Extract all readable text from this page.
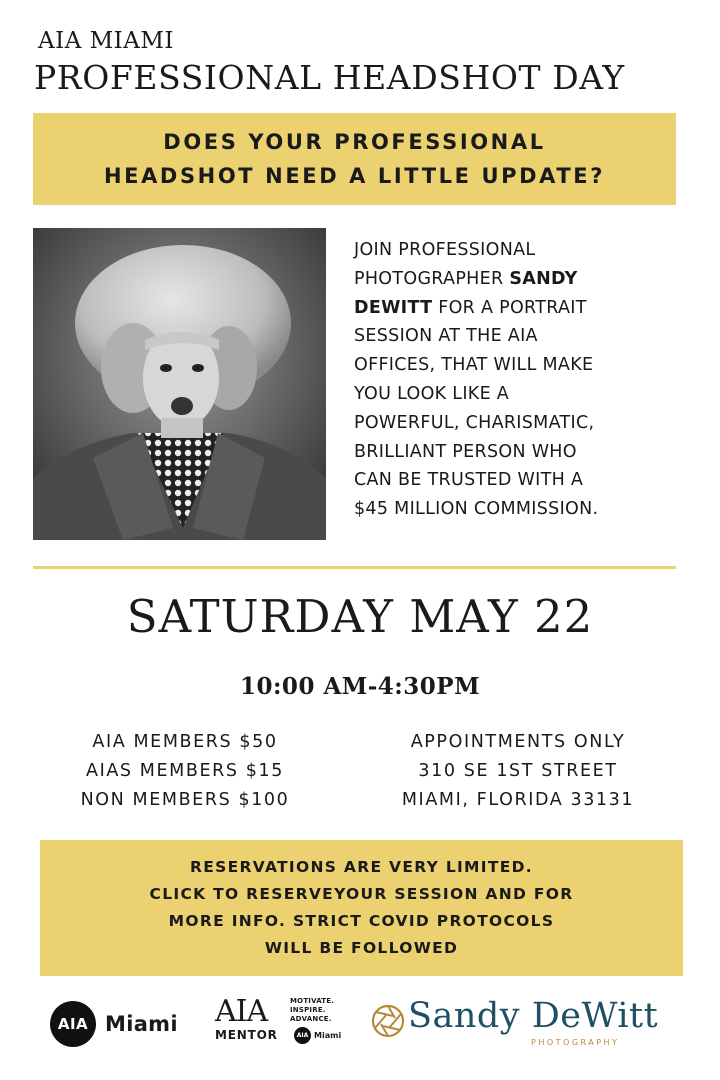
AIA MIAMI
PROFESSIONAL HEADSHOT DAY
DOES YOUR PROFESSIONAL
HEADSHOT NEED A LITTLE UPDATE?
JOIN PROFESSIONAL
PHOTOGRAPHER SANDY
DEWITT FOR A PORTRAIT
SESSION AT THE AIA
OFFICES, THAT WILL MAKE
YOU LOOK LIKE A
POWERFUL, CHARISMATIC,
BRILLIANT PERSON WHO
CAN BE TRUSTED WITH A
$45 MILLION COMMISSION.
SATURDAY MAY 22
10:00 AM-4:30PM
AIA MEMBERS $50
AIAS MEMBERS $15
NON MEMBERS $100
APPOINTMENTS ONLY
310 SE 1ST STREET
MIAMI, FLORIDA 33131
RESERVATIONS ARE VERY LIMITED.
CLICK TO RESERVEYOUR SESSION AND FOR
MORE INFO. STRICT COVID PROTOCOLS
WILL BE FOLLOWED
AIA Miami AIA
MENTOR
MOTIVATE.
INSPIRE.
ADVANCE.
AIA Miami Sandy DeWitt
PHOTOGRAPHY
